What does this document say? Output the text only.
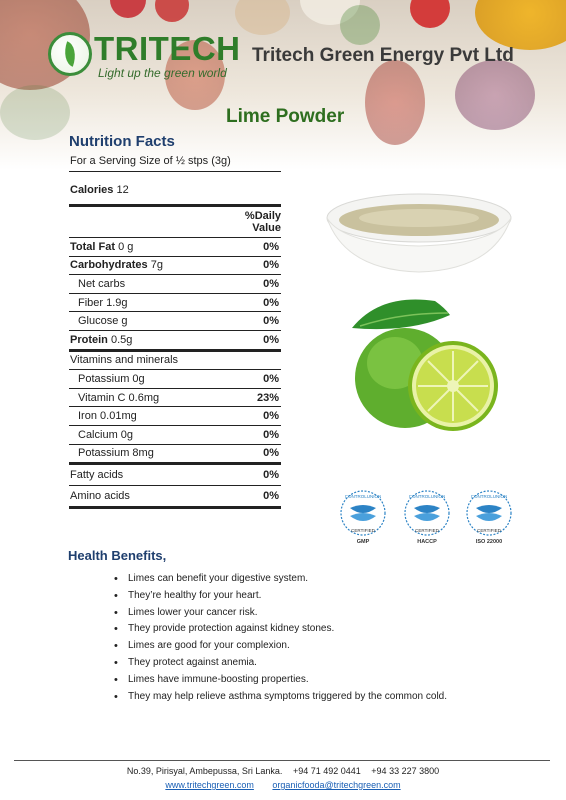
TRITECH
Light up the green world
Tritech Green Energy Pvt Ltd
Lime Powder
Nutrition Facts
For a Serving Size of ½ stps (3g)
Calories 12
%Daily
Value
Total Fat 0 g	0%
Carbohydrates 7g	0%
Net carbs	0%
Fiber 1.9g	0%
Glucose g	0%
Protein 0.5g	0%
Vitamins and minerals
Potassium 0g	0%
Vitamin C 0.6mg	23%
Iron 0.01mg	0%
Calcium 0g	0%
Potassium 8mg	0%
Fatty acids	0%
Amino acids	0%	CONTROLUNION
CERTIFIED
GMP
CONTROLUNION
CERTIFIED
HACCP
CONTROLUNION
CERTIFIED
ISO 22000
Health Benefits,
• Limes can benefit your digestive system.
• They’re healthy for your heart.
• Limes lower your cancer risk.
• They provide protection against kidney stones.
• Limes are good for your complexion.
• They protect against anemia.
• Limes have immune-boosting properties.
• They may help relieve asthma symptoms triggered by the common cold.
No.39, Pirisyal, Ambepussa, Sri Lanka. +94 71 492 0441 +94 33 227 3800
www.tritechgreen.com organicfooda@tritechgreen.com
